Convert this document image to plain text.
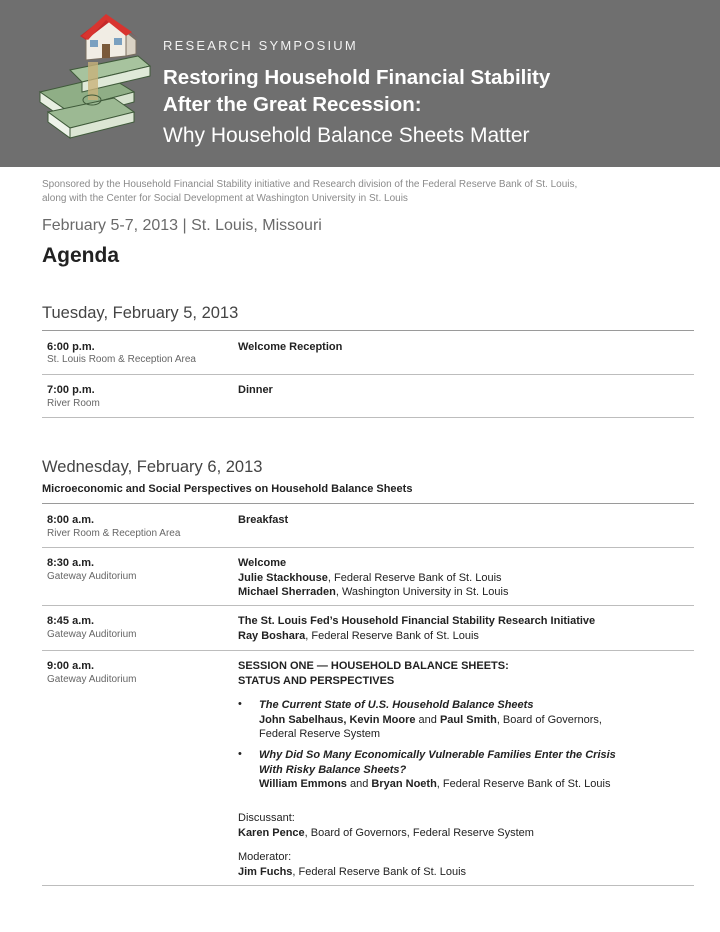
RESEARCH SYMPOSIUM
Restoring Household Financial Stability
After the Great Recession:
Why Household Balance Sheets Matter
Sponsored by the Household Financial Stability initiative and Research division of the Federal Reserve Bank of St. Louis,
along with the Center for Social Development at Washington University in St. Louis
February 5-7, 2013 | St. Louis, Missouri
Agenda
Tuesday, February 5, 2013
6:00 p.m.
St. Louis Room & Reception Area
Welcome Reception
7:00 p.m.
River Room
Dinner
Wednesday, February 6, 2013
Microeconomic and Social Perspectives on Household Balance Sheets
8:00 a.m.
River Room & Reception Area
Breakfast
8:30 a.m.
Gateway Auditorium
Welcome
Julie Stackhouse, Federal Reserve Bank of St. Louis
Michael Sherraden, Washington University in St. Louis
8:45 a.m.
Gateway Auditorium
The St. Louis Fed’s Household Financial Stability Research Initiative
Ray Boshara, Federal Reserve Bank of St. Louis
9:00 a.m.
Gateway Auditorium
SESSION ONE — HOUSEHOLD BALANCE SHEETS:
STATUS AND PERSPECTIVES
• The Current State of U.S. Household Balance Sheets
John Sabelhaus, Kevin Moore and Paul Smith, Board of Governors,
Federal Reserve System
• Why Did So Many Economically Vulnerable Families Enter the Crisis
With Risky Balance Sheets?
William Emmons and Bryan Noeth, Federal Reserve Bank of St. Louis
Discussant:
Karen Pence, Board of Governors, Federal Reserve System
Moderator:
Jim Fuchs, Federal Reserve Bank of St. Louis
